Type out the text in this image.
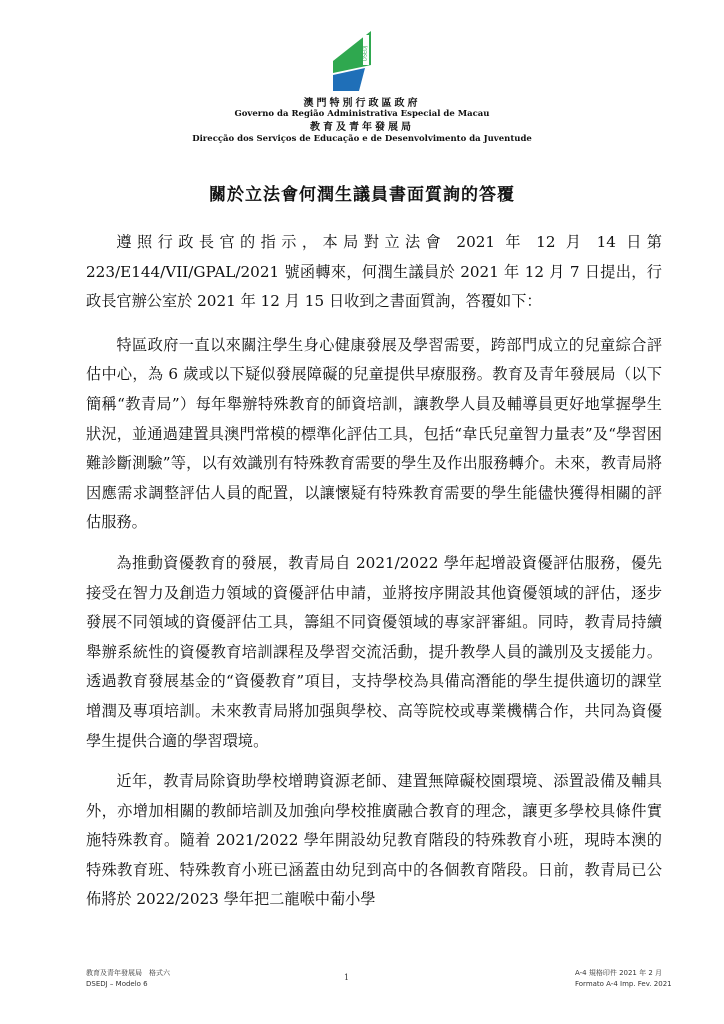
DSEDJ
澳門特別行政區政府
Governo da Região Administrativa Especial de Macau
教育及青年發展局
Direcção dos Serviços de Educação e de Desenvolvimento da Juventude
關於立法會何潤生議員書面質詢的答覆

遵照行政長官的指示，本局對立法會 2021 年 12 月 14 日第 223/E144/VII/GPAL/2021 號函轉來，何潤生議員於 2021 年 12 月 7 日提出，行政長官辦公室於 2021 年 12 月 15 日收到之書面質詢，答覆如下：

特區政府一直以來關注學生身心健康發展及學習需要，跨部門成立的兒童綜合評估中心，為 6 歲或以下疑似發展障礙的兒童提供早療服務。教育及青年發展局（以下簡稱“教青局”）每年舉辦特殊教育的師資培訓，讓教學人員及輔導員更好地掌握學生狀況，並通過建置具澳門常模的標準化評估工具，包括“韋氏兒童智力量表”及“學習困難診斷測驗”等，以有效識別有特殊教育需要的學生及作出服務轉介。未來，教青局將因應需求調整評估人員的配置，以讓懷疑有特殊教育需要的學生能儘快獲得相關的評估服務。

為推動資優教育的發展，教青局自 2021/2022 學年起增設資優評估服務，優先接受在智力及創造力領域的資優評估申請，並將按序開設其他資優領域的評估，逐步發展不同領域的資優評估工具，籌組不同資優領域的專家評審組。同時，教青局持續舉辦系統性的資優教育培訓課程及學習交流活動，提升教學人員的識別及支援能力。透過教育發展基金的“資優教育”項目，支持學校為具備高潛能的學生提供適切的課堂增潤及專項培訓。未來教青局將加强與學校、高等院校或專業機構合作，共同為資優學生提供合適的學習環境。

近年，教青局除資助學校增聘資源老師、建置無障礙校園環境、添置設備及輔具外，亦增加相關的教師培訓及加強向學校推廣融合教育的理念，讓更多學校具條件實施特殊教育。隨着 2021/2022 學年開設幼兒教育階段的特殊教育小班，現時本澳的特殊教育班、特殊教育小班已涵蓋由幼兒到高中的各個教育階段。日前，教青局已公佈將於 2022/2023 學年把二龍喉中葡小學

教育及青年發展局　格式六
DSEDJ – Modelo 6
1	A-4 規格印件 2021 年 2 月
Formato A-4 Imp. Fev. 2021
